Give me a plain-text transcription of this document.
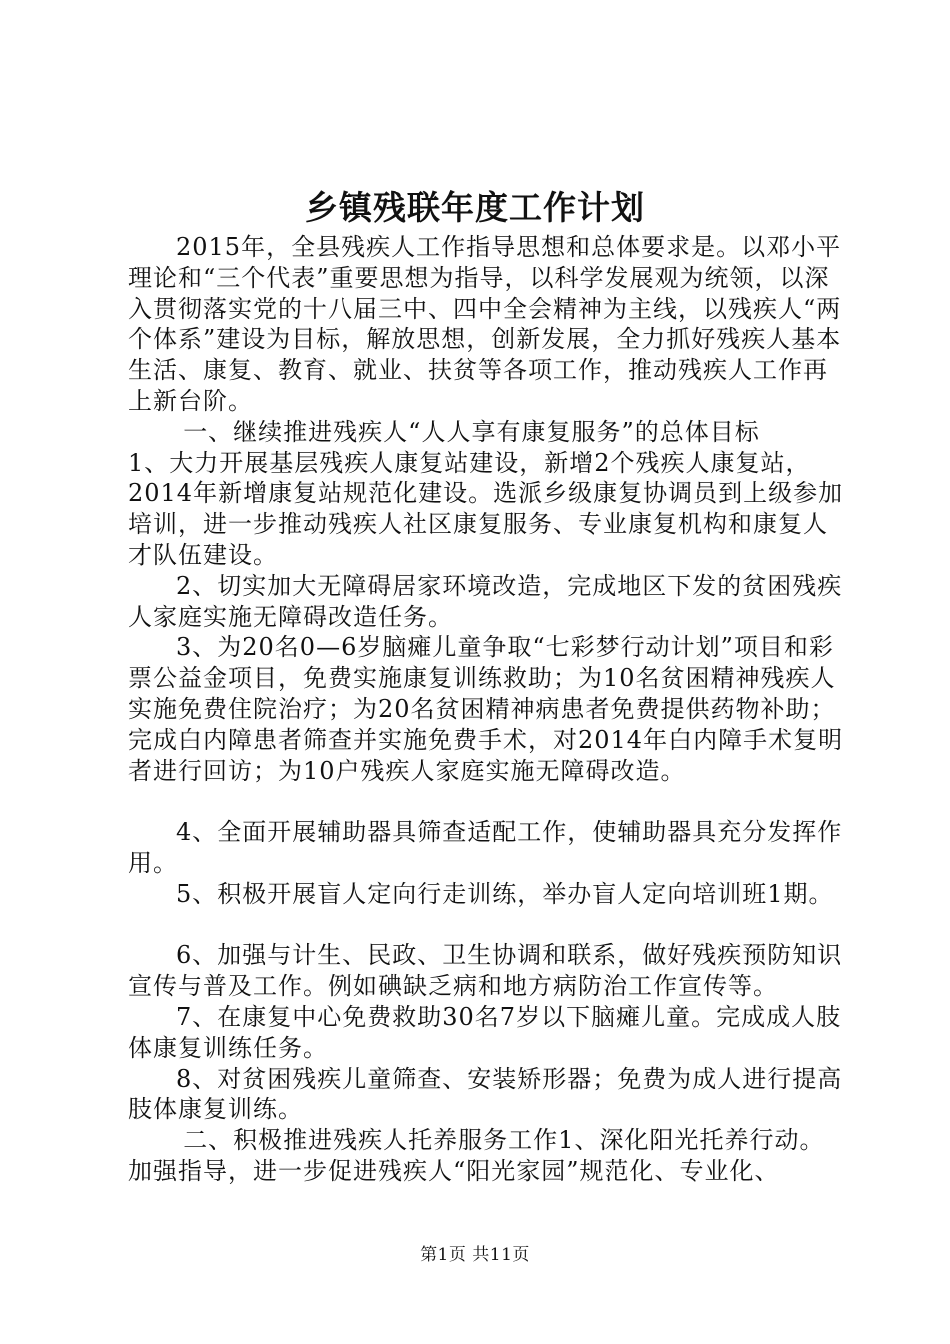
乡镇残联年度工作计划

2015年，全县残疾人工作指导思想和总体要求是。以邓小平理论和“三个代表”重要思想为指导，以科学发展观为统领，以深入贯彻落实党的十八届三中、四中全会精神为主线，以残疾人“两个体系”建设为目标，解放思想，创新发展，全力抓好残疾人基本生活、康复、教育、就业、扶贫等各项工作，推动残疾人工作再上新台阶。

一、继续推进残疾人“人人享有康复服务”的总体目标

1、大力开展基层残疾人康复站建设，新增2个残疾人康复站，2014年新增康复站规范化建设。选派乡级康复协调员到上级参加培训，进一步推动残疾人社区康复服务、专业康复机构和康复人才队伍建设。

2、切实加大无障碍居家环境改造，完成地区下发的贫困残疾人家庭实施无障碍改造任务。

3、为20名0—6岁脑瘫儿童争取“七彩梦行动计划”项目和彩票公益金项目，免费实施康复训练救助；为10名贫困精神残疾人实施免费住院治疗；为20名贫困精神病患者免费提供药物补助；完成白内障患者筛查并实施免费手术，对2014年白内障手术复明者进行回访；为10户残疾人家庭实施无障碍改造。

4、全面开展辅助器具筛查适配工作，使辅助器具充分发挥作用。

5、积极开展盲人定向行走训练，举办盲人定向培训班1期。

6、加强与计生、民政、卫生协调和联系，做好残疾预防知识宣传与普及工作。例如碘缺乏病和地方病防治工作宣传等。

7、在康复中心免费救助30名7岁以下脑瘫儿童。完成成人肢体康复训练任务。

8、对贫困残疾儿童筛查、安装矫形器；免费为成人进行提高肢体康复训练。

二、积极推进残疾人托养服务工作1、深化阳光托养行动。加强指导，进一步促进残疾人“阳光家园”规范化、专业化、

第1页 共11页
